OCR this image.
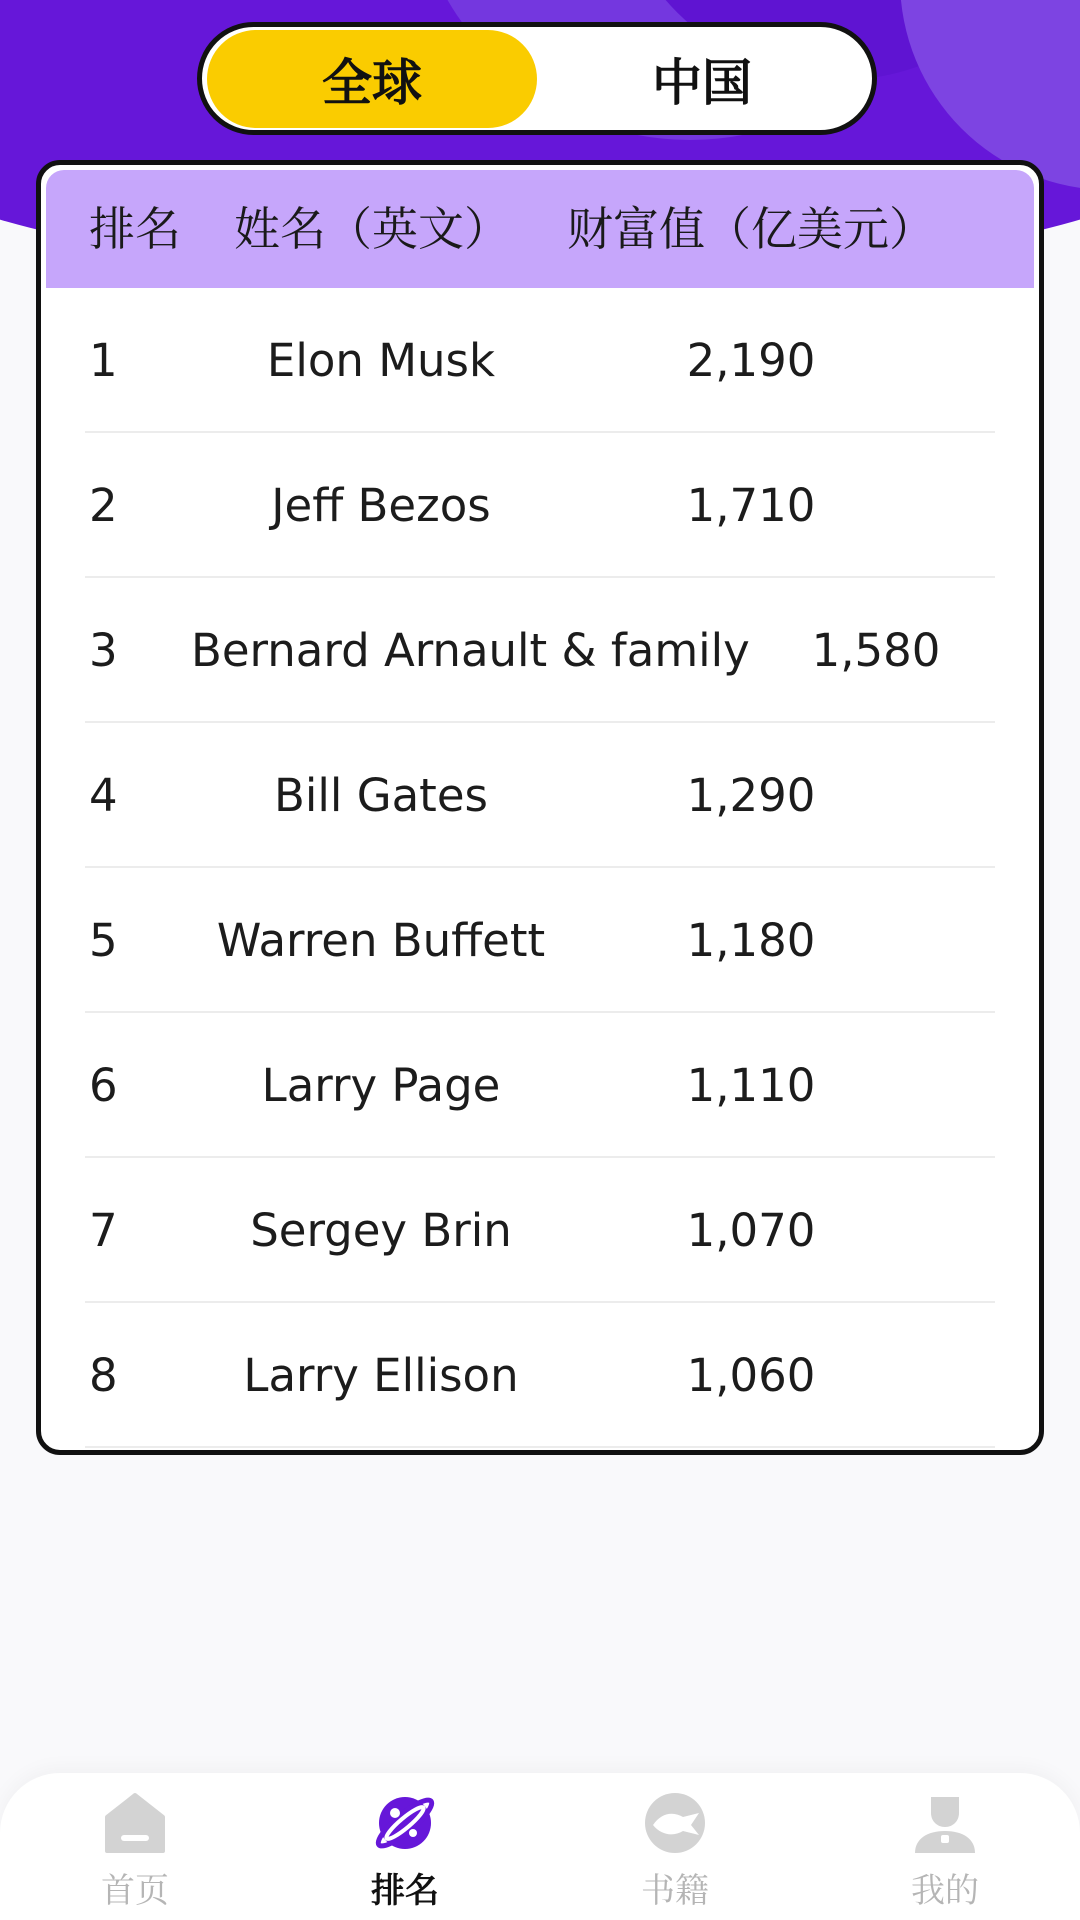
全球	中国
排名 姓名（英文） 财富值（亿美元）
1	Elon Musk	2,190
2	Jeff Bezos	1,710
3 Bernard Arnault & family	1,580
4	Bill Gates	1,290
5	Warren Buffett	1,180
6	Larry Page	1,110
7	Sergey Brin	1,070
8	Larry Ellison	1,060
首页	排名	书籍	我的
